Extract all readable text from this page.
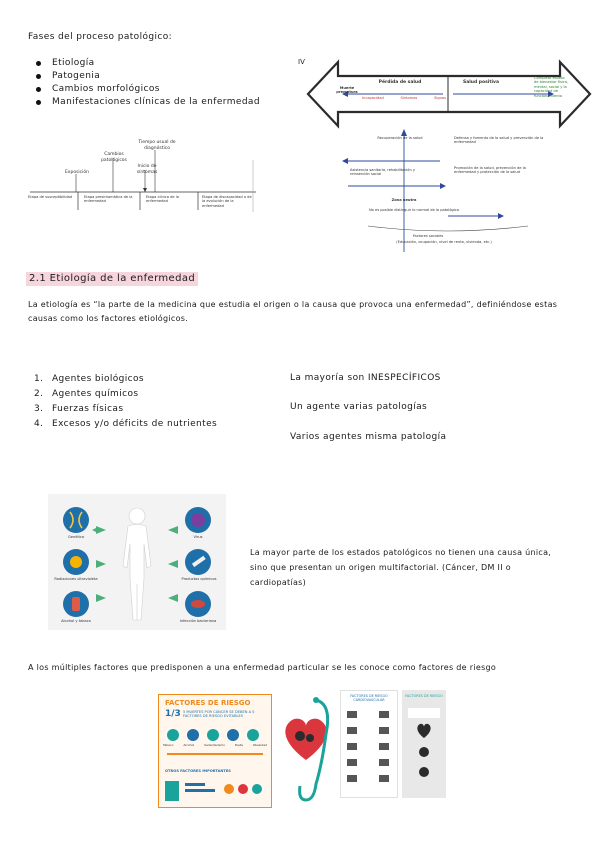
Fases del proceso patológico:
Etiología
Patogenia
Cambios morfológicos
Manifestaciones clínicas de la enfermedad
Tiempo usual de diagnóstico
Cambios patológicos
Inicio de síntomas
Exposición
Etapa de susceptibilidad	Etapa presintomática de la enfermedad
Etapa clínica de la enfermedad
Etapa de discapacidad o de la evolución de la enfermedad
IV
Muerte prematura
Pérdida de salud
Incapacidad	Síntomas	Signos
Salud positiva
Completo estado de bienestar físico, mental, social y la capacidad de funcionamiento
Recuperación de la salud	Defensa y fomento de la salud y prevención de la enfermedad
Asistencia sanitaria, rehabilitación y reinserción social
Promoción de la salud, prevención de la enfermedad y protección de la salud
Zona neutra
No es posible distinguir lo normal de lo patológico
Factores sociales
(Educación, ocupación, nivel de renta, vivienda, etc.)
2.1 Etiología de la enfermedad
La etiología es “la parte de la medicina que estudia el origen o la causa que provoca una enfermedad”, definiéndose estas causas como los factores etiológicos.
1. Agentes biológicos
2. Agentes químicos
3. Fuerzas físicas
4. Excesos y/o déficits de nutrientes
La mayoría son INESPECÍFICOS
Un agente varias patologías
Varios agentes misma patología
Genética	Virus
Radiaciones ultravioleta	Productos químicos
Alcohol y tabaco	Infección bacteriana
La mayor parte de los estados patológicos no tienen una causa única, sino que presentan un origen multifactorial. (Cáncer, DM II o cardiopatías)
A los múltiples factores que predisponen a una enfermedad particular se les conoce como factores de riesgo
FACTORES DE RIESGO
1/3 5 MUERTES POR CÁNCER SE DEBEN A 5 FACTORES DE RIESGO EVITABLES
Tabaco	Alcohol	Sedentarismo	Dieta	Obesidad
OTROS FACTORES IMPORTANTES
FACTORES DE RIESGO CARDIOVASCULAR
FACTORES DE RIESGO
